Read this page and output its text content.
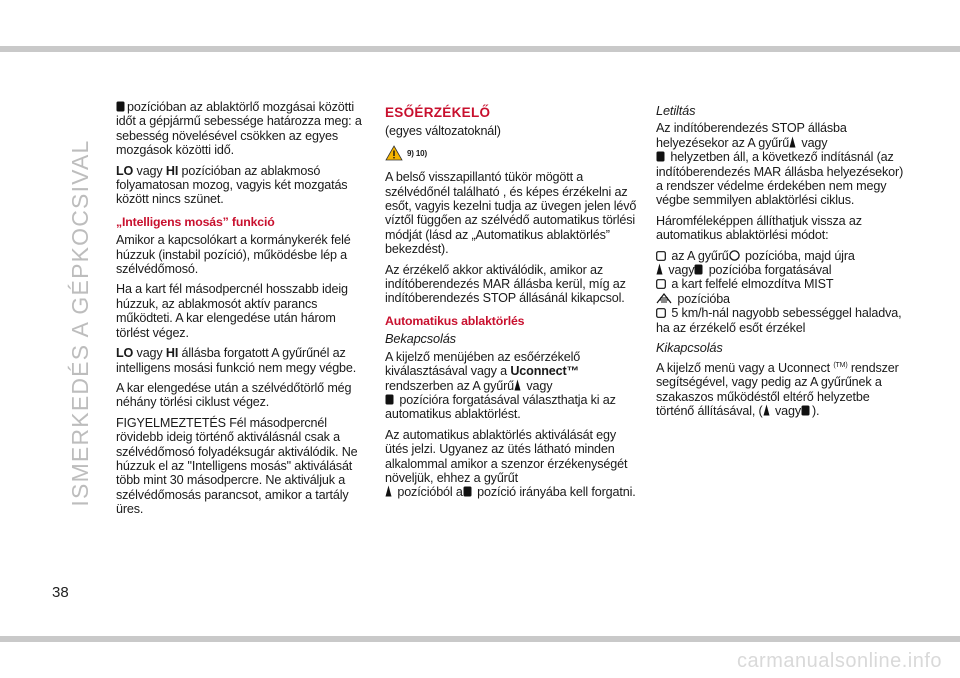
ISMERKEDÉS A GÉPKOCSIVAL

pozícióban az ablaktörlő mozgásai közötti időt a gépjármű sebessége határozza meg: a sebesség növelésével csökken az egyes mozgások közötti idő.

LO vagy HI pozícióban az ablakmosó folyamatosan mozog, vagyis két mozgatás között nincs szünet.

„Intelligens mosás” funkció

Amikor a kapcsolókart a kormánykerék felé húzzuk (instabil pozíció), működésbe lép a szélvédőmosó.

Ha a kart fél másodpercnél hosszabb ideig húzzuk, az ablakmosót aktív parancs működteti. A kar elengedése után három törlést végez.

LO vagy HI állásba forgatott A gyűrűnél az intelligens mosási funkció nem megy végbe.

A kar elengedése után a szélvédőtörlő még néhány törlési ciklust végez.

FIGYELMEZTETÉS Fél másodpercnél rövidebb ideig történő aktiválásnál csak a szélvédőmosó folyadéksugár aktiválódik. Ne húzzuk el az "Intelligens mosás" aktiválását több mint 30 másodpercre. Ne aktiváljuk a szélvédőmosás parancsot, amikor a tartály üres.

ESŐÉRZÉKELŐ

(egyes változatoknál)

9) 10)

A belső visszapillantó tükör mögött a szélvédőnél található , és képes érzékelni az esőt, vagyis kezelni tudja az üvegen jelen lévő víztől függően az szélvédő automatikus törlési módját (lásd az „Automatikus ablaktörlés” bekezdést).

Az érzékelő akkor aktiválódik, amikor az indítóberendezés MAR állásba kerül, míg az indítóberendezés STOP állásánál kikapcsol.

Automatikus ablaktörlés
Bekapcsolás

A kijelző menüjében az esőérzékelő kiválasztásával vagy a Uconnect™ rendszerben az A gyűrű
vagy

pozícióra forgatásával választhatja ki az automatikus ablaktörlést.

Az automatikus ablaktörlés aktiválását egy ütés jelzi. Ugyanez az ütés látható minden alkalommal amikor a szenzor érzékenységét növeljük, ehhez a gyűrűt

pozícióból a
pozíció irányába kell forgatni.

Letiltás

Az indítóberendezés STOP állásba helyezésekor az A gyűrű
vagy

helyzetben áll, a következő indításnál (az indítóberendezés MAR állásba helyezésekor) a rendszer védelme érdekében nem megy végbe semmilyen ablaktörlési ciklus.

Háromféleképpen állíthatjuk vissza az automatikus ablaktörlési módot:

az A gyűrű
pozícióba, majd újra

vagy
pozícióba forgatásával
a kart felfelé elmozdítva MIST

pozícióba

5 km/h-nál nagyobb sebességgel haladva, ha az érzékelő esőt érzékel

Kikapcsolás

A kijelző menü vagy a Uconnect $^{(TM)}$ rendszer segítségével, vagy pedig az A gyűrűnek a szakaszos működéstől eltérő helyzetbe történő állításával, (
vagy ).

38
carmanualsonline.info
